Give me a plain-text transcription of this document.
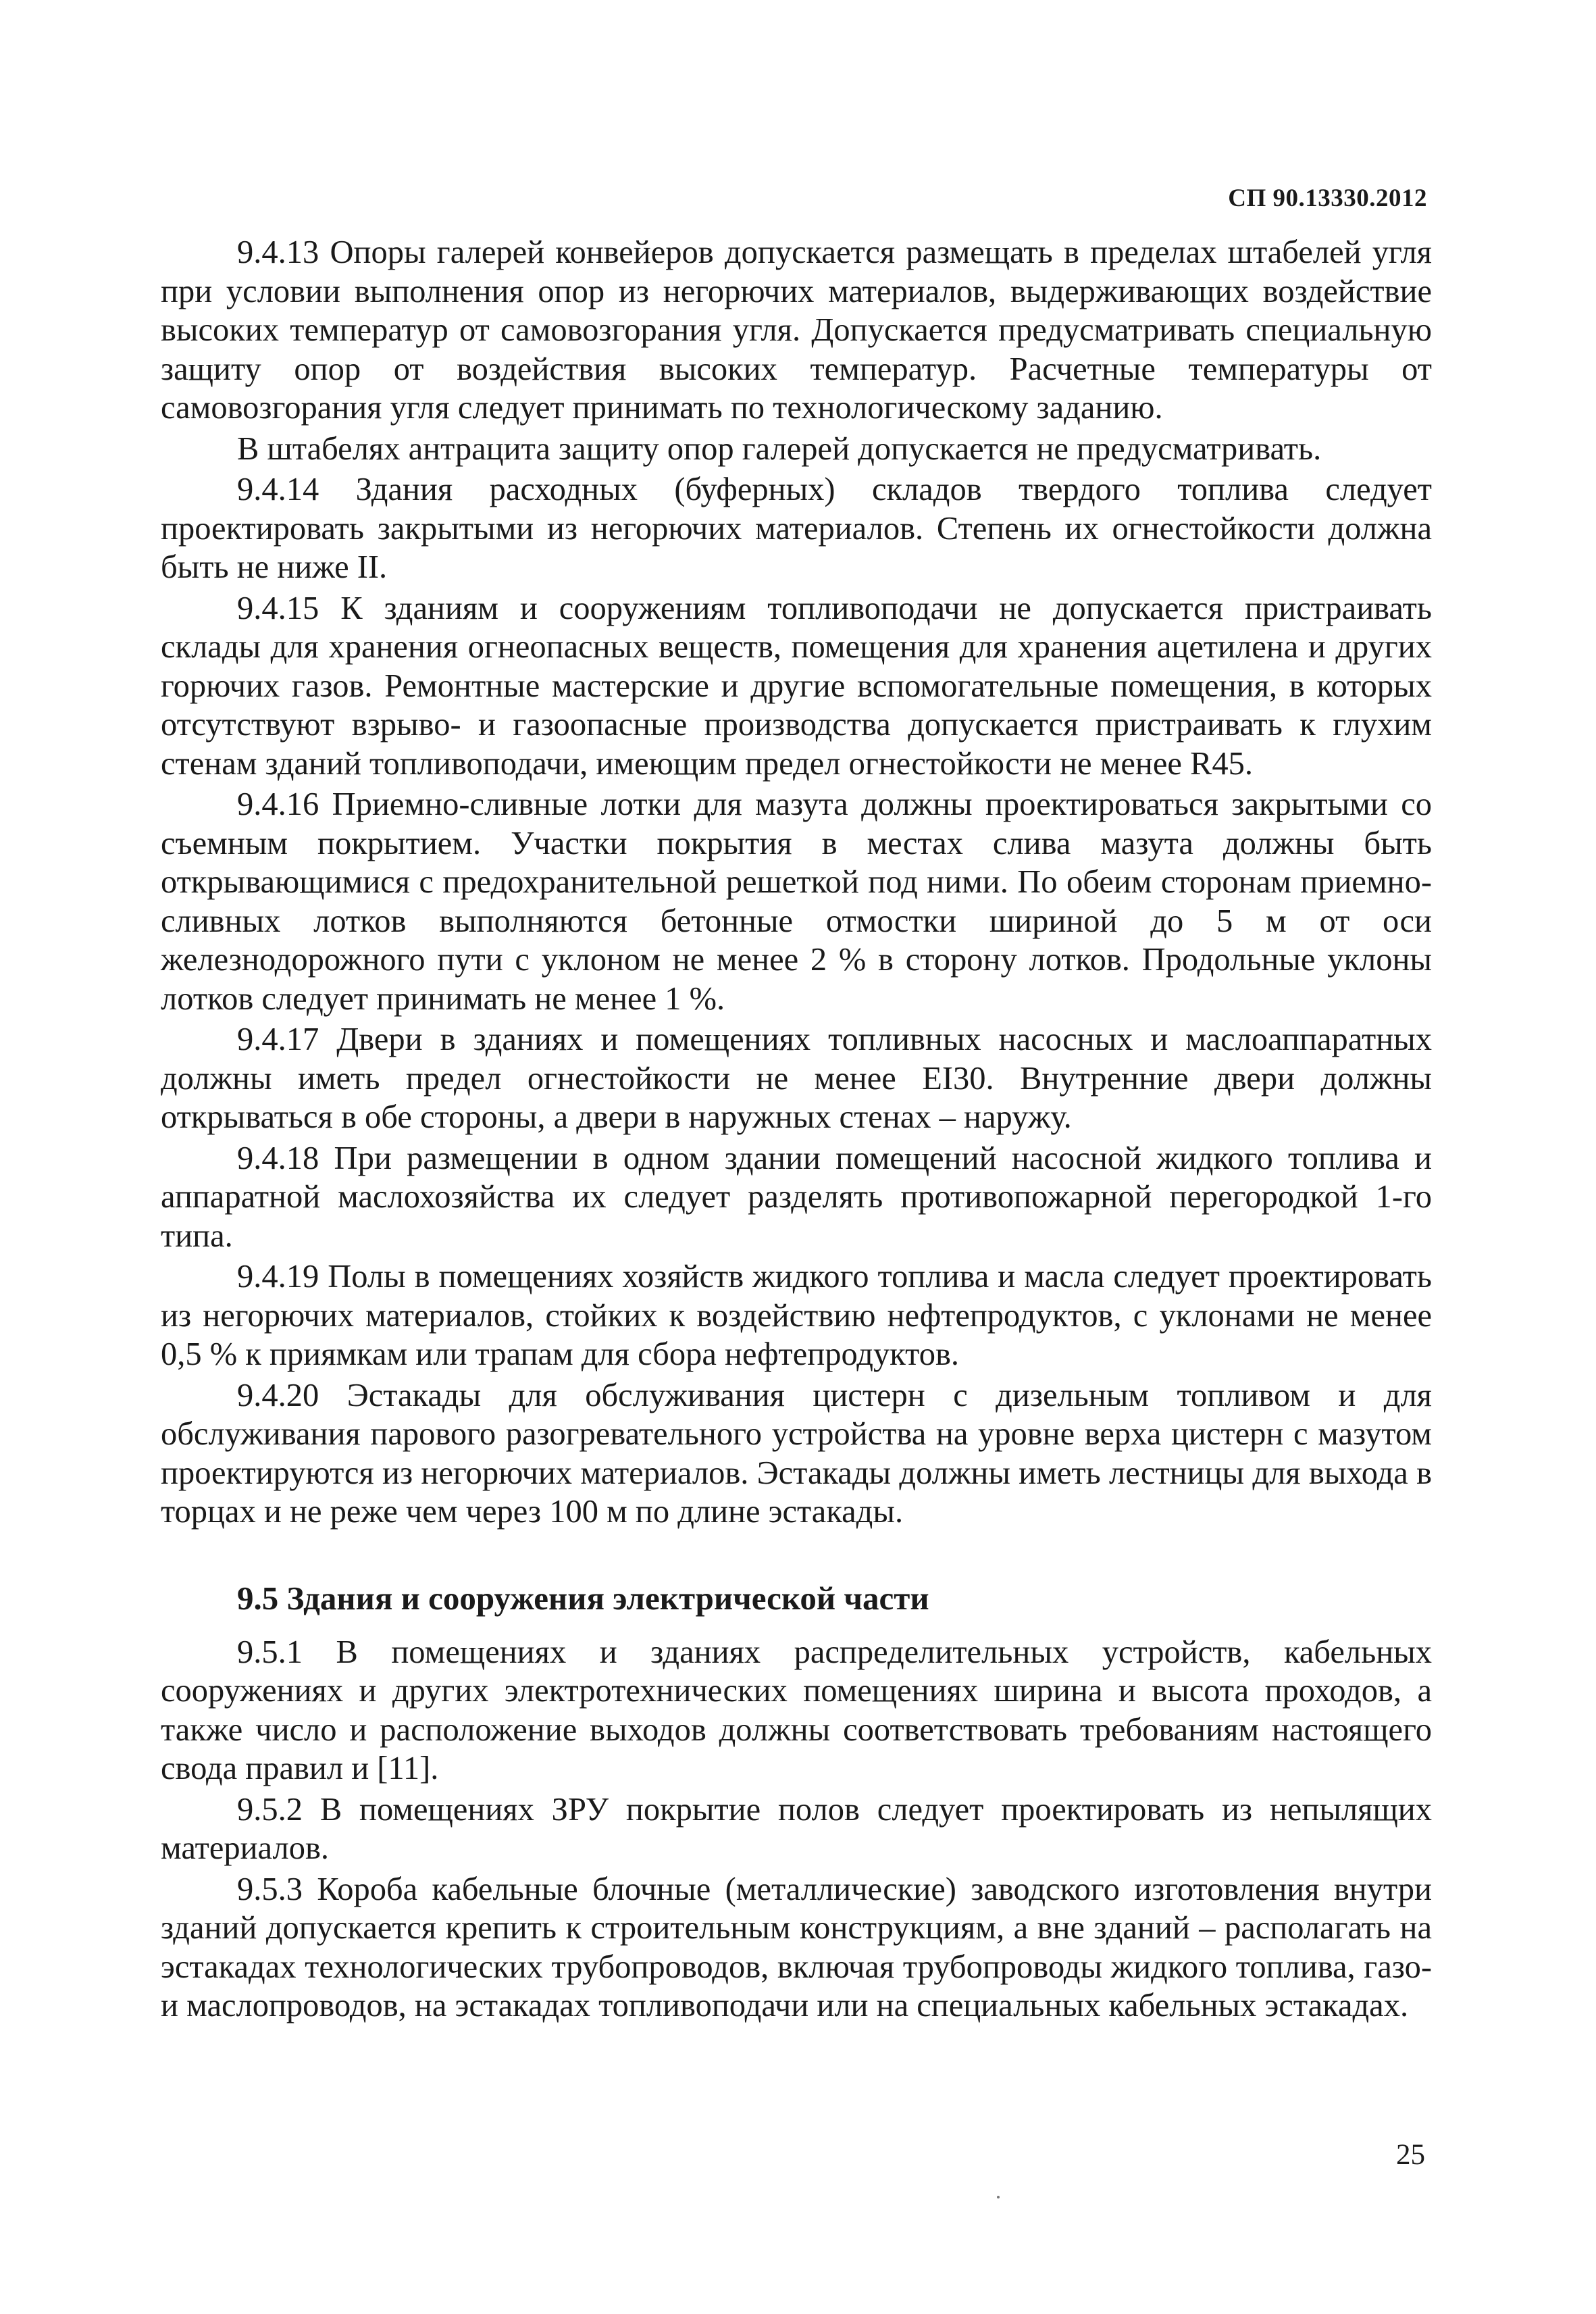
СП 90.13330.2012

9.4.13 Опоры галерей конвейеров допускается размещать в пределах штабелей угля при условии выполнения опор из негорючих материалов, выдерживающих воздействие высоких температур от самовозгорания угля. Допускается предусматривать специальную защиту опор от воздействия высоких температур. Расчетные температуры от самовозгорания угля следует принимать по технологическому заданию.

В штабелях антрацита защиту опор галерей допускается не предусматривать.

9.4.14 Здания расходных (буферных) складов твердого топлива следует проектировать закрытыми из негорючих материалов. Степень их огнестойкости должна быть не ниже II.

9.4.15 К зданиям и сооружениям топливоподачи не допускается пристраивать склады для хранения огнеопасных веществ, помещения для хранения ацетилена и других горючих газов. Ремонтные мастерские и другие вспомогательные помещения, в которых отсутствуют взрыво- и газоопасные производства допускается пристраивать к глухим стенам зданий топливоподачи, имеющим предел огнестойкости не менее R45.

9.4.16 Приемно-сливные лотки для мазута должны проектироваться закрытыми со съемным покрытием. Участки покрытия в местах слива мазута должны быть открывающимися с предохранительной решеткой под ними. По обеим сторонам приемно-сливных лотков выполняются бетонные отмостки шириной до 5 м от оси железнодорожного пути с уклоном не менее 2 % в сторону лотков. Продольные уклоны лотков следует принимать не менее 1 %.

9.4.17 Двери в зданиях и помещениях топливных насосных и маслоаппаратных должны иметь предел огнестойкости не менее EI30. Внутренние двери должны открываться в обе стороны, а двери в наружных стенах – наружу.

9.4.18 При размещении в одном здании помещений насосной жидкого топлива и аппаратной маслохозяйства их следует разделять противопожарной перегородкой 1-го типа.

9.4.19 Полы в помещениях хозяйств жидкого топлива и масла следует проектировать из негорючих материалов, стойких к воздействию нефтепродуктов, с уклонами не менее 0,5 % к приямкам или трапам для сбора нефтепродуктов.

9.4.20 Эстакады для обслуживания цистерн с дизельным топливом и для обслуживания парового разогревательного устройства на уровне верха цистерн с мазутом проектируются из негорючих материалов. Эстакады должны иметь лестницы для выхода в торцах и не реже чем через 100 м по длине эстакады.

9.5 Здания и сооружения электрической части

9.5.1 В помещениях и зданиях распределительных устройств, кабельных сооружениях и других электротехнических помещениях ширина и высота проходов, а также число и расположение выходов должны соответствовать требованиям настоящего свода правил и [11].

9.5.2 В помещениях ЗРУ покрытие полов следует проектировать из непылящих материалов.

9.5.3 Короба кабельные блочные (металлические) заводского изготовления внутри зданий допускается крепить к строительным конструкциям, а вне зданий – располагать на эстакадах технологических трубопроводов, включая трубопроводы жидкого топлива, газо- и маслопроводов, на эстакадах топливоподачи или на специальных кабельных эстакадах.

25
